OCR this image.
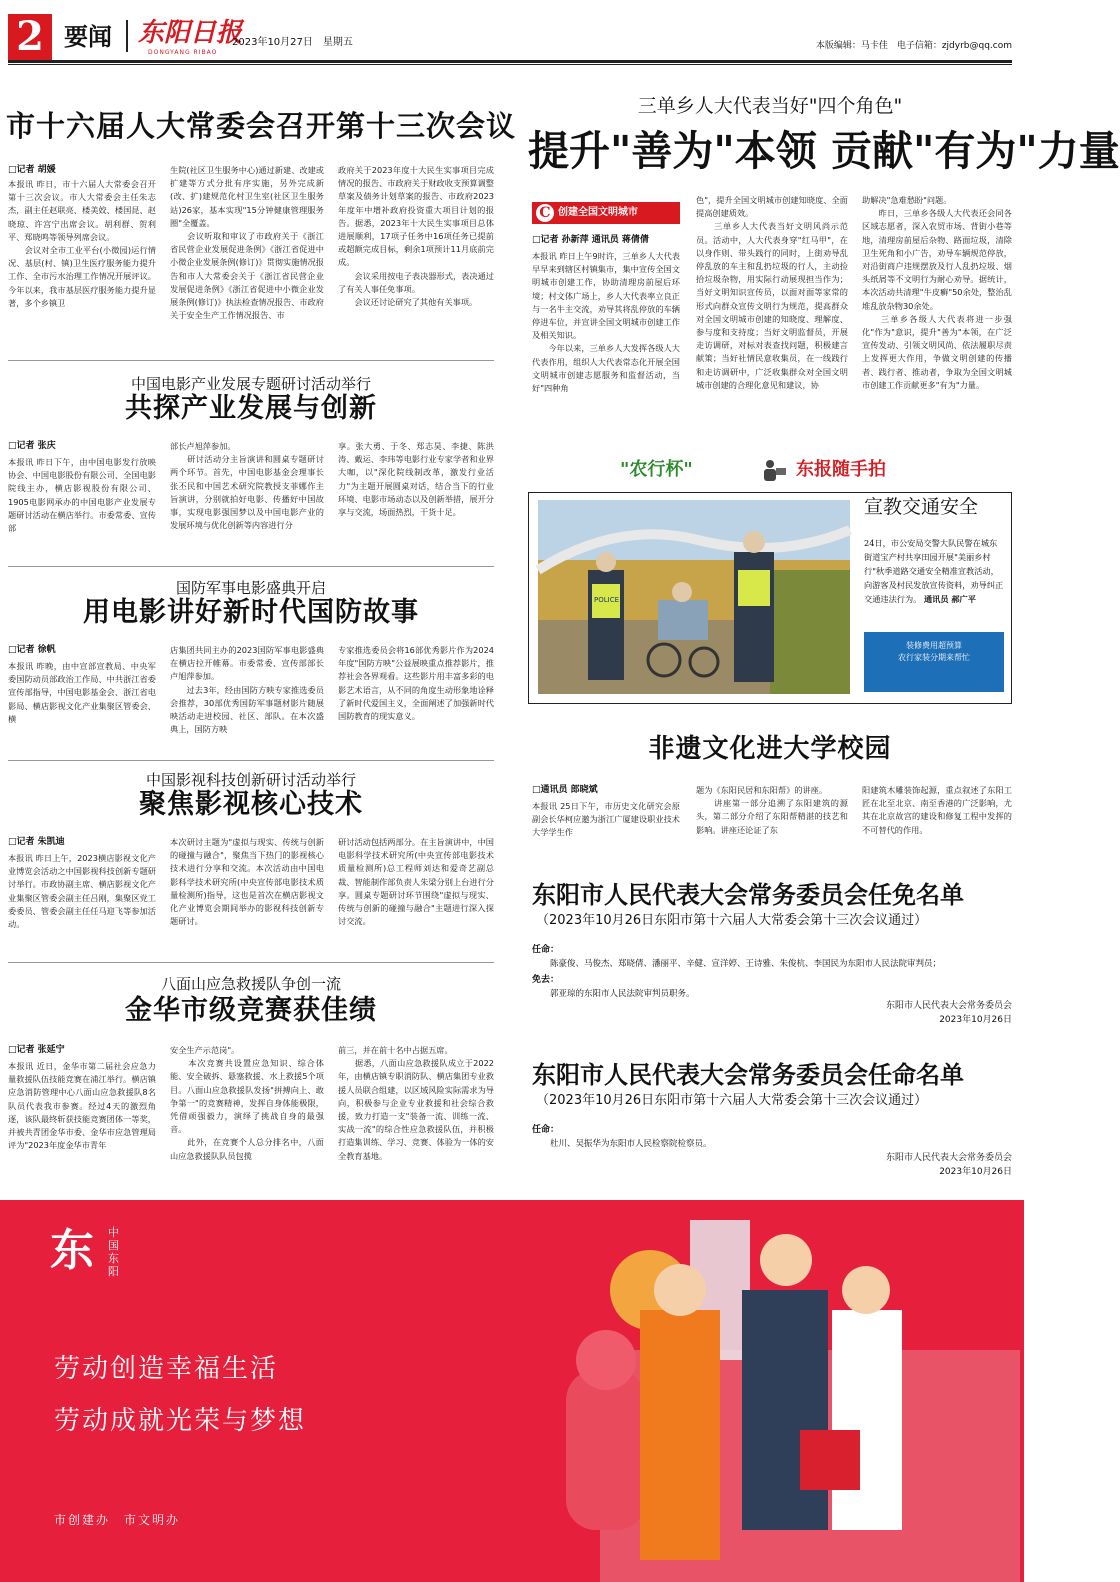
2 要闻 东阳日报
DONGYANG RIBAO
2023年10月27日　星期五	本版编辑：马卡佳　电子信箱：zjdyrb@qq.com
市十六届人大常委会召开第十三次会议
□记者 胡媛
本报讯 昨日，市十六届人大常委会召开第十三次会议。市人大常委会主任朱志杰，副主任赵联亮、楼美姣、楼国昆、赵晓琼、许宫宁出席会议。胡利群、贺利平、郑晓鸣等领导列席会议。
　　会议对全市工业平台(小微园)运行情况、基层(村、镇)卫生医疗服务能力提升工作、全市污水治理工作情况开展评议。今年以来，我市基层医疗服务能力提升显著，多个乡镇卫
生院(社区卫生服务中心)通过新建、改建或扩建等方式分批有序实施，另外完成新(改、扩)建规范化村卫生室(社区卫生服务站)26家，基本实现"15分钟健康管理服务圈"全覆盖。
　　会议听取和审议了市政府关于《浙江省民营企业发展促进条例》《浙江省促进中小微企业发展条例(修订)》贯彻实施情况报告和市人大常委会关于《浙江省民营企业发展促进条例》《浙江省促进中小微企业发展条例(修订)》执法检查情况报告、市政府关于安全生产工作情况报告、市
政府关于2023年度十大民生实事项目完成情况的报告、市政府关于财政收支预算调整草案及债务计划草案的报告、市政府2023年度年中增补政府投资重大项目计划的报告。据悉，2023年十大民生实事项目总体进展顺利，17项子任务中16项任务已提前或超额完成目标，剩余1项预计11月底前完成。
　　会议采用按电子表决器形式，表决通过了有关人事任免事项。
　　会议还讨论研究了其他有关事项。
中国电影产业发展专题研讨活动举行
共探产业发展与创新
□记者 张庆
本报讯 昨日下午，由中国电影发行放映协会、中国电影股份有限公司、全国电影院线主办，横店影视股份有限公司、1905电影网承办的中国电影产业发展专题研讨活动在横店举行。市委常委、宣传部
部长卢旭萍参加。
　　研讨活动分主旨演讲和圆桌专题研讨两个环节。首先，中国电影基金会理事长张丕民和中国艺术研究院教授支菲娜作主旨演讲，分别就拍好电影、传播好中国故事，实现电影强国梦以及中国电影产业的发展环境与优化创新等内容进行分
享。张大勇、于冬、郑志昊、李捷、陈洪涛、戴运、李玮等电影行业专家学者和业界大咖，以"深化院线制改革，激发行业活力"为主题开展圆桌对话，结合当下的行业环境、电影市场动态以及创新举措，展开分享与交流，场面热烈，干货十足。
国防军事电影盛典开启
用电影讲好新时代国防故事
□记者 徐帆
本报讯 昨晚，由中宣部宣教局、中央军委国防动员部政治工作局、中共浙江省委宣传部指导，中国电影基金会、浙江省电影局、横店影视文化产业集聚区管委会、横
店集团共同主办的2023国防军事电影盛典在横店拉开帷幕。市委常委、宣传部部长卢旭萍参加。
　　过去3年，经由国防方映专家推选委员会推荐，30部优秀国防军事题材影片随展映活动走进校园、社区、部队。在本次盛典上，国防方映
专家推选委员会将16部优秀影片作为2024年度"国防方映"公益展映重点推荐影片，推荐社会各界观看。这些影片用丰富多彩的电影艺术语言，从不同的角度生动形象地诠释了新时代爱国主义，全面阐述了加强新时代国防教育的现实意义。
中国影视科技创新研讨活动举行
聚焦影视核心技术
□记者 朱凯迪
本报讯 昨日上午，2023横店影视文化产业博览会活动之中国影视科技创新专题研讨举行。市政协副主席、横店影视文化产业集聚区管委会副主任吕刚，集聚区党工委委员、管委会副主任任马迎飞等参加活动。
本次研讨主题为"虚拟与现实、传统与创新的碰撞与融合"，聚焦当下热门的影视核心技术进行分享和交流。本次活动由中国电影科学技术研究所(中央宣传部电影技术质量检测所)指导，这也是首次在横店影视文化产业博览会期间举办的影视科技创新专题研讨。
研讨活动包括两部分。在主旨演讲中，中国电影科学技术研究所(中央宣传部电影技术质量检测所)总工程师刘达和爱奇艺副总裁、智能制作部负责人朱梁分别上台进行分享。圆桌专题研讨环节围绕"虚拟与现实、传统与创新的碰撞与融合"主题进行深入探讨交流。
八面山应急救援队争创一流
金华市级竞赛获佳绩
□记者 张延宁
本报讯 近日，金华市第二届社会应急力量救援队伍技能竞赛在浦江举行。横店镇应急消防管理中心八面山应急救援队8名队员代表我市参赛。经过4天的激烈角逐，该队最终斩获技能竞赛团体一等奖，并被共青团金华市委、金华市应急管理局评为"2023年度金华市青年
安全生产示范岗"。
　　本次竞赛共设置应急知识、综合体能、安全破拆、悬塞救援、水上救援5个项目。八面山应急救援队发扬"拼搏向上、敢争第一"的竞赛精神，发挥自身体能极限，凭借顽强毅力，演绎了挑战自身的最强音。
　　此外，在竞赛个人总分排名中，八面山应急救援队队员包揽
前三，并在前十名中占据五席。
　　据悉，八面山应急救援队成立于2022年，由横店镇专职消防队、横店集团专业救援人员联合组建，以区域风险实际需求为导向，积极参与企业专业救援和社会综合救援，致力打造一支"装备一流、训练一流、实战一流"的综合性应急救援队伍，并积极打造集训练、学习、竞赛、体验为一体的安全教育基地。
三单乡人大代表当好"四个角色"
提升"善为"本领 贡献"有为"力量
C 创建全国文明城市
□记者 孙新萍 通讯员 蒋倩倩
本报讯 昨日上午9时许，三单乡人大代表早早来到辖区村镇集市，集中宣传全国文明城市创建工作，协助清理房前屋后环境；村文体广场上，乡人大代表率立良正与一名牛主交流，劝导其将乱停放的车辆停进车位，并宣讲全国文明城市创建工作及相关知识。
　　今年以来，三单乡人大发挥各级人大代表作用，组织人大代表常态化开展全国文明城市创建志愿服务和监督活动，当好"四种角
色"，提升全国文明城市创建知晓度、全面提高创建质效。
　　三单乡人大代表当好文明风尚示范员。活动中，人大代表身穿"红马甲"，在以身作则、带头践行的同时，上街劝导乱停乱放的车主和乱扔垃圾的行人，主动捡拾垃圾杂物，用实际行动展现担当作为；当好文明知识宣传员，以面对面等家常的形式向群众宣传文明行为规范，提高群众对全国文明城市创建的知晓度、理解度、参与度和支持度；当好文明监督员，开展走访调研，对标对表查找问题，积极建言献策；当好社情民意收集员，在一线践行和走访调研中，广泛收集群众对全国文明城市创建的合理化意见和建议，协
助解决"急难愁盼"问题。
　　昨日，三单乡各级人大代表还会同各区域志愿者，深入农贸市场、背街小巷等地，清理房前屋后杂物、路面垃圾，清除卫生死角和小广告，劝导车辆规范停放，对沿街商户违规摆放及行人乱扔垃圾、烟头纸屑等不文明行为耐心劝导。据统计，本次活动共清理"牛皮癣"50余处，整治乱堆乱放杂物30余处。
　　三单乡各级人大代表将进一步强化"作为"意识，提升"善为"本领，在广泛宣传发动、引领文明风尚、依法履职尽责上发挥更大作用，争做文明创建的传播者、践行者、推动者，争取为全国文明城市创建工作贡献更多"有为"力量。
"农行杯"	东报随手拍
POLICE
宣教交通安全
24日，市公安局交警大队民警在城东街道宝产村共享田园开展"美丽乡村行"秋季道路交通安全精准宣教活动，向游客及村民发放宣传资料，劝导纠正交通违法行为。 通讯员 郝广平
装修费用超预算
农行家装分期来帮忙
非遗文化进大学校园
□通讯员 郎晓斌
本报讯 25日下午，市历史文化研究会原副会长华柯应邀为浙江广厦建设职业技术大学学生作
题为《东阳民居和东阳帮》的讲座。
　　讲座第一部分追溯了东阳建筑的源头，第二部分介绍了东阳帮精湛的技艺和影响。讲座还论证了东
阳建筑木雕装饰起源，重点叙述了东阳工匠在北至北京、南至香港的广泛影响，尤其在北京故宫的建设和修复工程中发挥的不可替代的作用。
东阳市人民代表大会常务委员会任免名单
（2023年10月26日东阳市第十六届人大常委会第十三次会议通过）
任命：
陈豪俊、马俊杰、郑晓倩、潘丽平、辛健、宣洋婷、王诗雅、朱俊杭、李国民为东阳市人民法院审判员；
免去：
郭亚琼的东阳市人民法院审判员职务。
东阳市人民代表大会常务委员会
2023年10月26日
东阳市人民代表大会常务委员会任命名单
（2023年10月26日东阳市第十六届人大常委会第十三次会议通过）
任命：
杜川、吴振华为东阳市人民检察院检察员。
东阳市人民代表大会常务委员会
2023年10月26日
东 中国东阳
劳动创造幸福生活
劳动成就光荣与梦想
市创建办　市文明办
